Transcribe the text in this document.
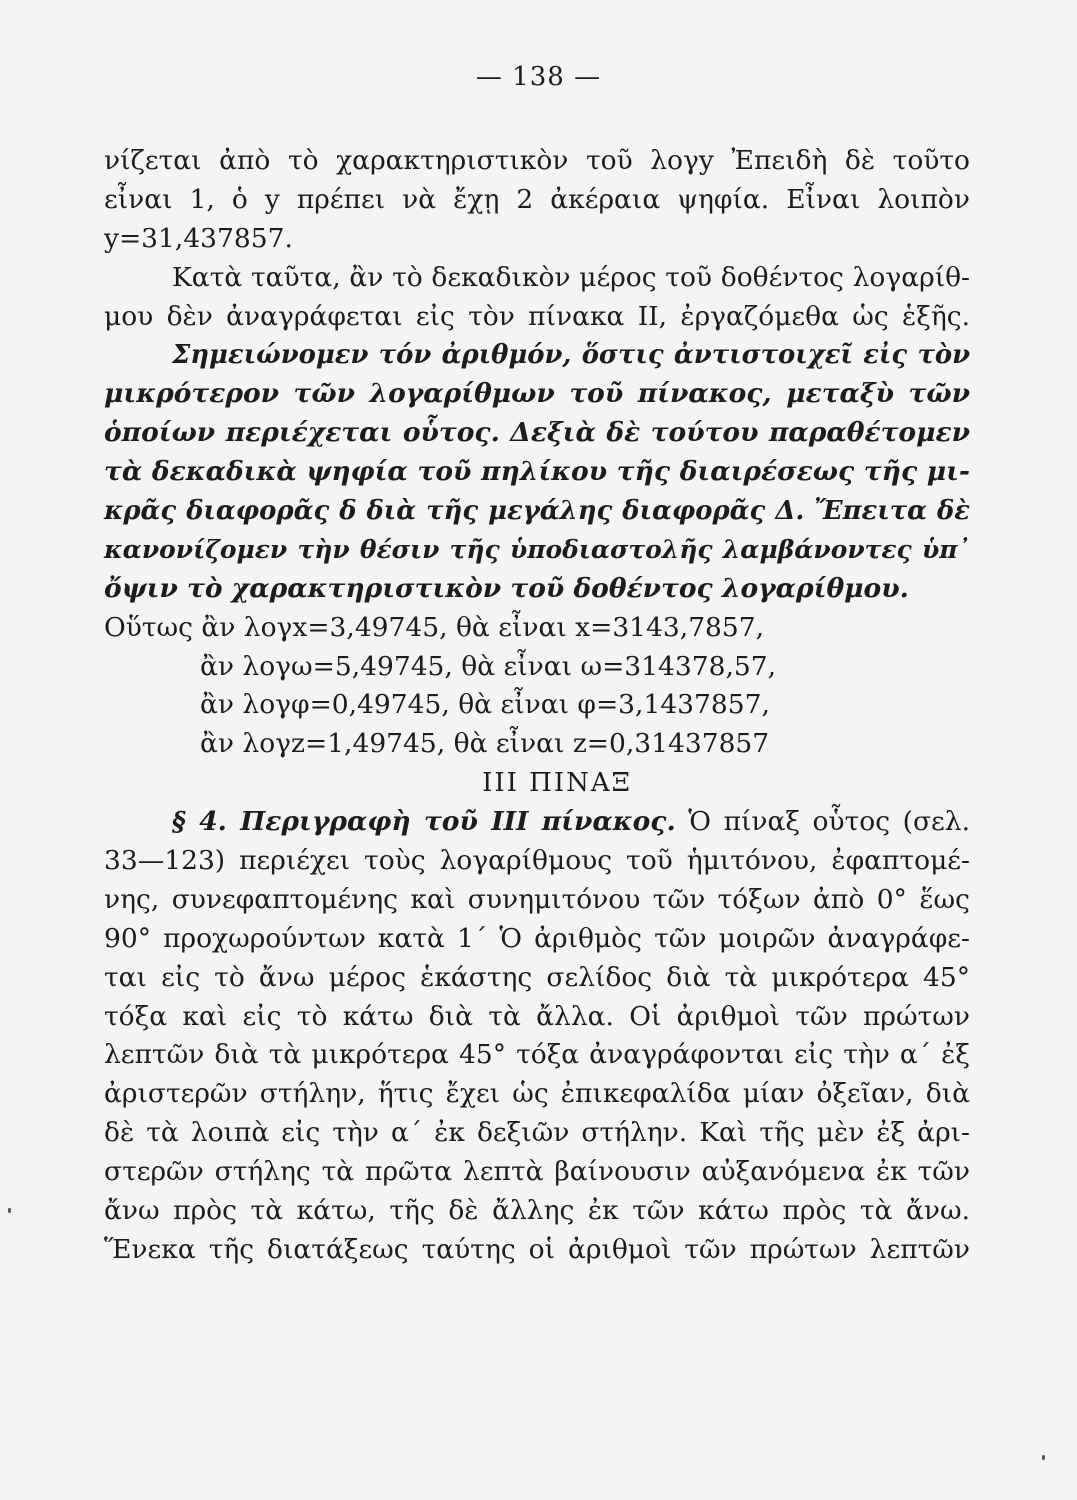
— 138 —
νίζεται ἀπὸ τὸ χαρακτηριστικὸν τοῦ λογy Ἐπειδὴ δὲ τοῦτο
εἶναι 1, ὁ y πρέπει νὰ ἔχῃ 2 ἀκέραια ψηφία. Εἶναι λοιπὸν
y=31,437857.
Κατὰ ταῦτα, ἂν τὸ δεκαδικὸν μέρος τοῦ δοθέντος λογαρίθ-
μου δὲν ἀναγράφεται εἰς τὸν πίνακα II, ἐργαζόμεθα ὡς ἑξῆς.
Σημειώνομεν τόν ἀριθμόν, ὅστις ἀντιστοιχεῖ εἰς τὸν
μικρότερον τῶν λογαρίθμων τοῦ πίνακος, μεταξὺ τῶν
ὁποίων περιέχεται οὗτος. Δεξιὰ δὲ τούτου παραθέτομεν
τὰ δεκαδικὰ ψηφία τοῦ πηλίκου τῆς διαιρέσεως τῆς μι-
κρᾶς διαφορᾶς δ διὰ τῆς μεγάλης διαφορᾶς Δ. Ἔπειτα δὲ
κανονίζομεν τὴν θέσιν τῆς ὑποδιαστολῆς λαμβάνοντες ὑπ᾽
ὄψιν τὸ χαρακτηριστικὸν τοῦ δοθέντος λογαρίθμου.
Οὕτως ἂν λογx=3,49745, θὰ εἶναι x=3143,7857,
ἂν λογω=5,49745, θὰ εἶναι ω=314378,57,
ἂν λογφ=0,49745, θὰ εἶναι φ=3,1437857,
ἂν λογz=1,49745, θὰ εἶναι z=0,31437857
III ΠΙΝΑΞ
§ 4. Περιγραφὴ τοῦ III πίνακος. Ὁ πίναξ οὗτος (σελ.
33—123) περιέχει τοὺς λογαρίθμους τοῦ ἡμιτόνου, ἐφαπτομέ-
νης, συνεφαπτομένης καὶ συνημιτόνου τῶν τόξων ἀπὸ 0° ἕως
90° προχωρούντων κατὰ 1΄ Ὁ ἀριθμὸς τῶν μοιρῶν ἀναγράφε-
ται εἰς τὸ ἄνω μέρος ἑκάστης σελίδος διὰ τὰ μικρότερα 45°
τόξα καὶ εἰς τὸ κάτω διὰ τὰ ἄλλα. Οἱ ἀριθμοὶ τῶν πρώτων
λεπτῶν διὰ τὰ μικρότερα 45° τόξα ἀναγράφονται εἰς τὴν α΄ ἐξ
ἀριστερῶν στήλην, ἥτις ἔχει ὡς ἐπικεφαλίδα μίαν ὀξεῖαν, διὰ
δὲ τὰ λοιπὰ εἰς τὴν α΄ ἐκ δεξιῶν στήλην. Καὶ τῆς μὲν ἐξ ἀρι-
στερῶν στήλης τὰ πρῶτα λεπτὰ βαίνουσιν αὐξανόμενα ἐκ τῶν
ἄνω πρὸς τὰ κάτω, τῆς δὲ ἄλλης ἐκ τῶν κάτω πρὸς τὰ ἄνω.
Ἕνεκα τῆς διατάξεως ταύτης οἱ ἀριθμοὶ τῶν πρώτων λεπτῶν
